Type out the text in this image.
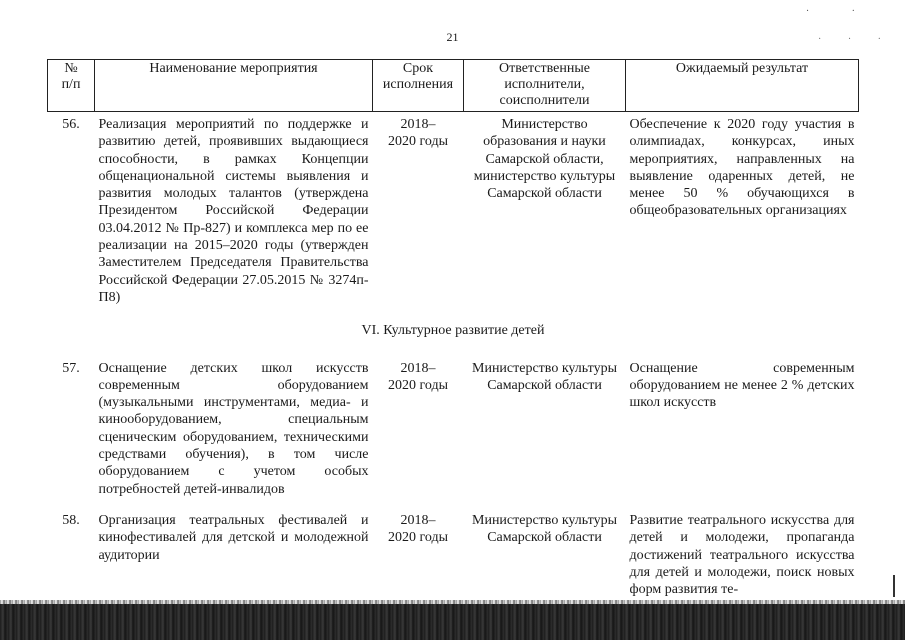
21
· ·
· · ·
№
п/п	Наименование мероприятия	Срок
исполнения	Ответственные
исполнители,
соисполнители	Ожидаемый результат
56.	Реализация мероприятий по поддержке и развитию детей, проявивших выдающиеся способности, в рамках Концепции общенациональной системы выявления и развития молодых талантов (утверждена Президентом Российской Федерации 03.04.2012 № Пр-827) и комплекса мер по ее реализации на 2015–2020 годы (утвержден Заместителем Председателя Правительства Российской Федерации 27.05.2015 № 3274п-П8)	2018–
2020 годы	Министерство образования и науки Самарской области, министерство культуры Самарской области	Обеспечение к 2020 году участия в олимпиадах, конкурсах, иных мероприятиях, направленных на выявление одаренных детей, не менее 50 % обучающихся в общеобразовательных организациях
VI. Культурное развитие детей				
57.	Оснащение детских школ искусств современным оборудованием (музыкальными инструментами, медиа- и кинооборудованием, специальным сценическим оборудованием, техническими средствами обучения), в том числе оборудованием с учетом особых потребностей детей-инвалидов	2018–
2020 годы	Министерство культуры Самарской области	Оснащение современным оборудованием не менее 2 % детских школ искусств
58.	Организация театральных фестивалей и кинофестивалей для детской и молодежной аудитории	2018–
2020 годы	Министерство культуры Самарской области	Развитие театрального искусства для детей и молодежи, пропаганда достижений театрального искусства для детей и молодежи, поиск новых форм развития те-
